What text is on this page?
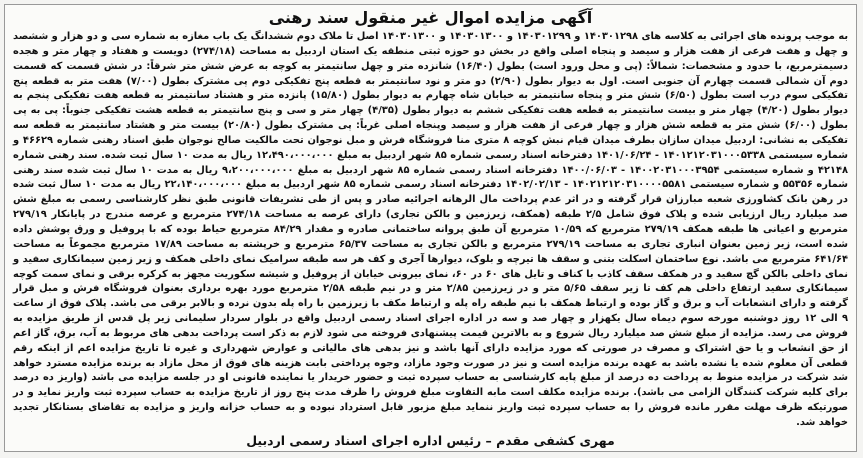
آگهی مزایده اموال غیر منقول سند رهنی

به موجب پرونده های اجرائی به کلاسه های ۱۴۰۳۰۱۲۹۸ و ۱۴۰۳۰۱۲۹۹ و ۱۴۰۳۰۱۳۰۰ و ۱۴۰۳۰۱۳۰۰ اصل تا ملاک دوم ششدانگ یک باب مغازه به شماره سی و دو هزار و ششصد و چهل و هفت فرعی از هفت هزار و سیصد و پنجاه اصلی واقع در بخش دو حوزه ثبتی منطقه یک استان اردبیل به مساحت (۲۷۴/۱۸) دویست و هفتاد و چهار متر و هجده دسیمترمربع، با حدود و مشخصات: شمالاً: (پی و محل ورود است) بطول (۱۶/۴۰) شانزده متر و چهل سانتیمتر به کوچه به عرض شش متر شرقاً: در شش قسمت که قسمت دوم آن شمالی قسمت چهارم آن جنوبی است. اول به دیوار بطول (۲/۹۰) دو متر و نود سانتیمتر به قطعه پنج تفکیکی دوم پی مشترک بطول (۷/۰۰) هفت متر به قطعه پنج تفکیکی سوم درب است بطول (۶/۵۰) شش متر و پنجاه سانتیمتر به خیابان شاه چهارم به دیوار بطول (۱۵/۸۰) پانزده متر و هشتاد سانتیمتر به قطعه هفت تفکیکی پنجم به دیوار بطول (۴/۲۰) چهار متر و بیست سانتیمتر به قطعه هفت تفکیکی ششم به دیوار بطول (۴/۳۵) چهار متر و سی و پنج سانتیمتر به قطعه هشت تفکیکی جنوباً: پی به پی بطول (۶/۰۰) شش متر به قطعه شش هزار و چهار فرعی از هفت هزار و سیصد وپنجاه اصلی غرباً: پی مشترک بطول (۲۰/۸۰) بیست متر و هشتاد سانتیمتر به قطعه سه تفکیکی به نشانی: اردبیل میدان سازان بطرف میدان قیام نبش کوچه ۸ متری منا فروشگاه فرش و مبل نوجوان تحت مالکیت صالح نوجوان طبق اسناد رهنی شماره ۴۶۶۲۹ و شماره سیستمی ۱۴۰۱۲۱۲۰۳۱۰۰۰۵۳۳۸ - ۱۴۰۱/۰۶/۲۴ دفترخانه اسناد رسمی شماره ۸۵ شهر اردبیل به مبلغ ۱۲،۴۹۰،۰۰۰،۰۰۰ ریال به مدت ۱۰ سال ثبت شده. سند رهنی شماره ۴۲۱۴۸ و شماره سیستمی ۱۴۰۰۲۰۳۱۰۰۰۳۹۵۴ - ۱۴۰۰/۰۶/۰۳ دفترخانه اسناد رسمی شماره ۸۵ شهر اردبیل به مبلغ ۹،۲۰۰،۰۰۰،۰۰۰ ریال به مدت ۱۰ سال ثبت شده سند رهنی شماره ۵۵۳۵۶ و شماره سیستمی ۱۴۰۲۱۲۱۲۰۳۱۰۰۰۰۵۵۸۱ - ۱۴۰۲/۰۲/۱۳ دفترخانه اسناد رسمی شماره ۸۵ شهر اردبیل به مبلغ ۲۲،۱۴۰،۰۰۰،۰۰۰ ریال به مدت ۱۰ سال ثبت شده در رهن بانک کشاورزی شعبه مبارزان قرار گرفته و در اثر عدم پرداخت مال الرهانه اجرائیه صادر و پس از طی تشریفات قانونی طبق نظر کارشناسی رسمی به مبلغ شش صد میلیارد ریال ارزیابی شده و پلاک فوق شامل ۲/۵ طبقه (همکف، زیرزمین و بالکن تجاری) دارای عرصه به مساحت ۲۷۴/۱۸ مترمربع و عرصه مندرج در پایانکار ۲۷۹/۱۹ مترمربع و اعیانی ها طبقه همکف ۲۷۹/۱۹ مترمربع که ۱۰/۵۹ مترمربع آن طبق پروانه ساختمانی صادره و مقدار ۸۴/۲۹ مترمربع حیاط بوده که با پروفیل و ورق پوشش داده شده است، زیر زمین بعنوان انباری تجاری به مساحت ۲۷۹/۱۹ مترمربع و بالکن تجاری به مساحت ۶۵/۳۷ مترمربع و خرپشته به مساحت ۱۷/۸۹ مترمربع مجموعاً به مساحت ۶۴۱/۶۴ مترمربع می باشد. نوع ساختمان اسکلت بتنی و سقف ها تیرچه و بلوک، دیوارها آجری و کف هر سه طبقه سرامیک نمای داخلی همکف و زیر زمین سیمانکاری سفید و نمای داخلی بالکن گچ سفید و در همکف سقف کاذب با کناف و تایل های ۶۰ در ۶۰، نمای بیرونی خیابان از پروفیل و شیشه سکوریت مجهز به کرکره برقی و نمای سمت کوچه سیمانکاری سفید ارتفاع داخلی هم کف تا زیر سقف ۵/۶۵ متر و در زیرزمین ۲/۸۵ متر و در نیم طبقه ۲/۵۸ مترمربع مورد بهره برداری بعنوان فروشگاه فرش و مبل قرار گرفته و دارای انشعابات آب و برق و گاز بوده و ارتباط همکف با نیم طبقه راه پله و ارتباط مکف با زیرزمین با راه پله بدون نرده و بالابر برقی می باشد. پلاک فوق از ساعت ۹ الی ۱۲ روز دوشنبه مورخه سوم دیماه سال یکهزار و چهار صد و سه در اداره اجرای اسناد رسمی اردبیل واقع در بلوار سردار سلیمانی زیر پل قدس از طریق مزایده به فروش می رسد. مزایده از مبلغ شش صد میلیارد ریال شروع و به بالاترین قیمت پیشنهادی فروخته می شود لازم به ذکر است پرداخت بدهی های مربوط به آب، برق، گاز اعم از حق انشعاب و یا حق اشتراک و مصرف در صورتی که مورد مزایده دارای آنها باشد و نیز بدهی های مالیاتی و عوارض شهرداری و غیره تا تاریخ مزایده اعم از اینکه رقم قطعی آن معلوم شده یا نشده باشد به عهده برنده مزایده است و نیز در صورت وجود مازاد، وجوه پرداختی بابت هزینه های فوق از محل مازاد به برنده مزایده مسترد خواهد شد شرکت در مزایده منوط به پرداخت ده درصد از مبلغ پایه کارشناسی به حساب سپرده ثبت و حضور خریدار یا نماینده قانونی او در جلسه مزایده می باشد (واریز ده درصد برای کلیه شرکت کنندگان الزامی می باشد). برنده مزایده مکلف است مابه التفاوت مبلغ فروش را ظرف مدت پنج روز از تاریخ مزایده به حساب سپرده ثبت واریز نماید و در صورتیکه ظرف مهلت مقرر مانده فروش را به حساب سپرده ثبت واریز ننماید مبلغ مزبور قابل استرداد نبوده و به حساب خزانه واریز و مزایده به تقاضای بستانکار تجدید خواهد شد.

مهری کشفی مقدم – رئیس اداره اجرای اسناد رسمی اردبیل
